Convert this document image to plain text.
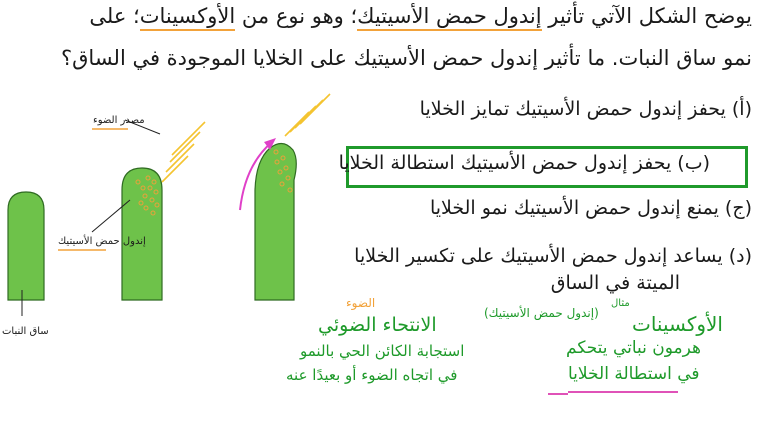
يوضح الشكل الآتي تأثير إندول حمض الأسيتيك؛ وهو نوع من الأوكسينات؛ على
نمو ساق النبات. ما تأثير إندول حمض الأسيتيك على الخلايا الموجودة في الساق؟
(أ) يحفز إندول حمض الأسيتيك تمايز الخلايا
(ب) يحفز إندول حمض الأسيتيك استطالة الخلايا
(ج) يمنع إندول حمض الأسيتيك نمو الخلايا
(د) يساعد إندول حمض الأسيتيك على تكسير الخلايا
الميتة في الساق
مصدر الضوء
إندول حمض الأسيتيك
ساق النبات
الضوء
الانتحاء الضوئي
استجابة الكائن الحي بالنمو
في اتجاه الضوء أو بعيدًا عنه
مثال
(إندول حمض الأسيتيك) الأوكسينات
هرمون نباتي يتحكم
في استطالة الخلايا
